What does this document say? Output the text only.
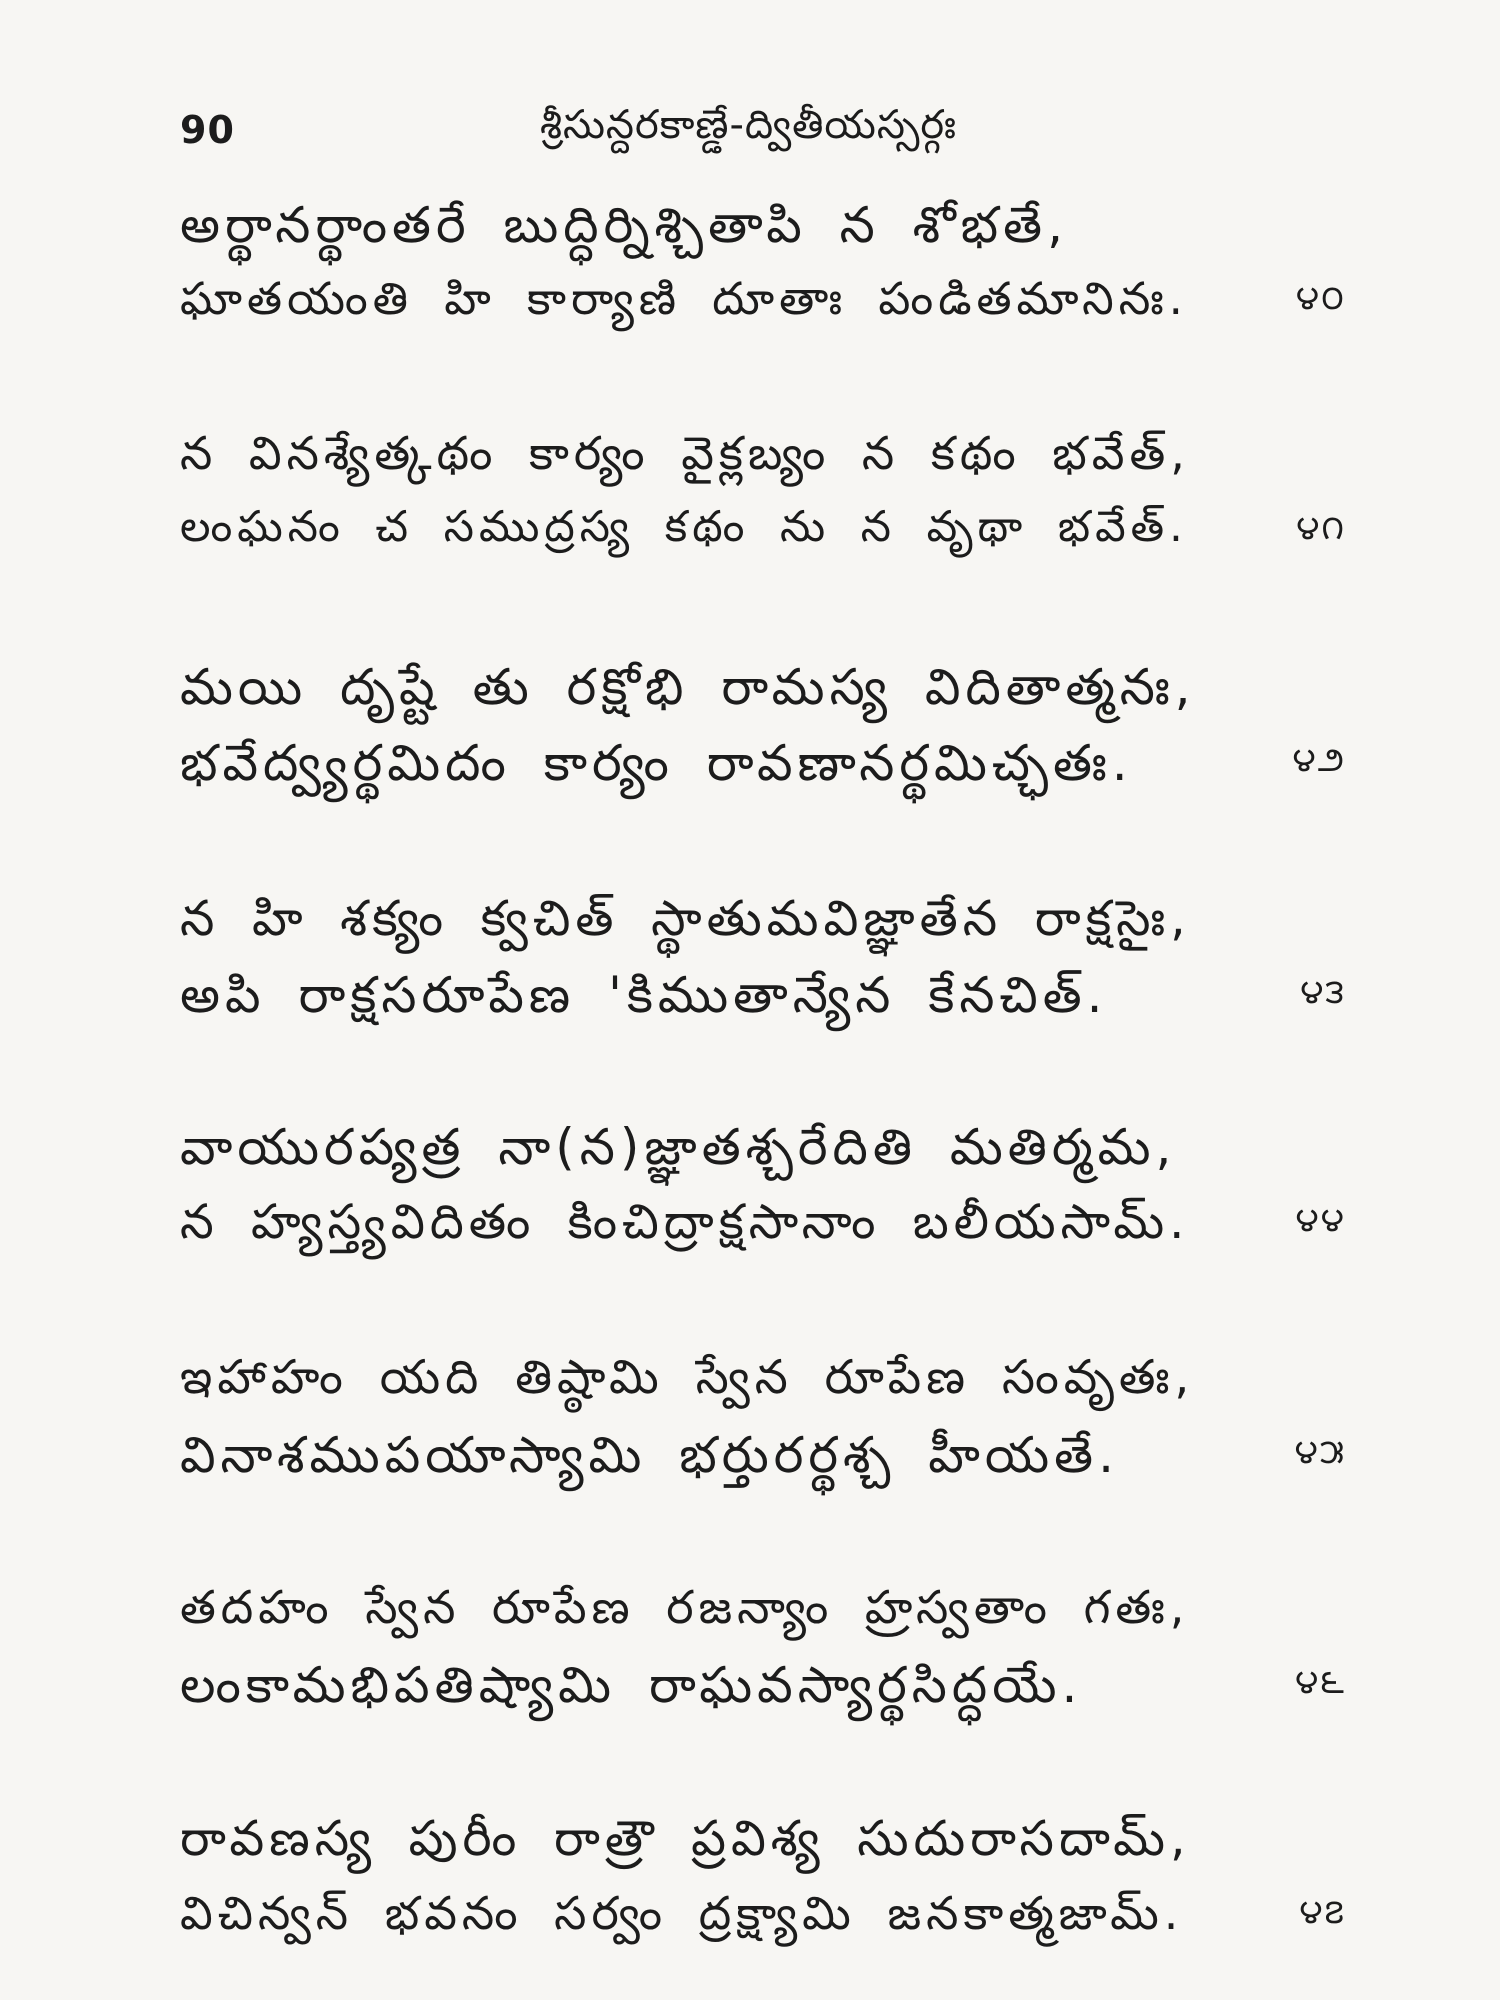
90	శ్రీసున్దరకాణ్డే-ద్వితీయస్సర్గః
అర్థానర్థాంతరే బుద్ధిర్నిశ్చితాపి న శోభతే,
ఘాతయంతి హి కార్యాణి దూతాః పండితమానినః.	౪౦
న వినశ్యేత్కథం కార్యం వైక్లబ్యం న కథం భవేత్,
లంఘనం చ సముద్రస్య కథం ను న వృథా భవేత్.	౪౧
మయి దృష్టే తు రక్షోభి రామస్య విదితాత్మనః,
భవేద్వ్యర్థమిదం కార్యం రావణానర్థమిచ్ఛతః.	౪౨
న హి శక్యం క్వచిత్ స్థాతుమవిజ్ఞాతేన రాక్షసైః,
అపి రాక్షసరూపేణ 'కిముతాన్యేన కేనచిత్.	౪౩
వాయురప్యత్ర నా(న)జ్ఞాతశ్చరేదితి మతిర్మమ,
న హ్యస్త్యవిదితం కించిద్రాక్షసానాం బలీయసామ్.	౪౪
ఇహాహం యది తిష్ఠామి స్వేన రూపేణ సంవృతః,
వినాశముపయాస్యామి భర్తురర్థశ్చ హీయతే.	౪౫
తదహం స్వేన రూపేణ రజన్యాం హ్రస్వతాం గతః,
లంకామభిపతిష్యామి రాఘవస్యార్థసిద్ధయే.	౪౬
రావణస్య పురీం రాత్రౌ ప్రవిశ్య సుదురాసదామ్,
విచిన్వన్ భవనం సర్వం ద్రక్ష్యామి జనకాత్మజామ్.	౪౭
